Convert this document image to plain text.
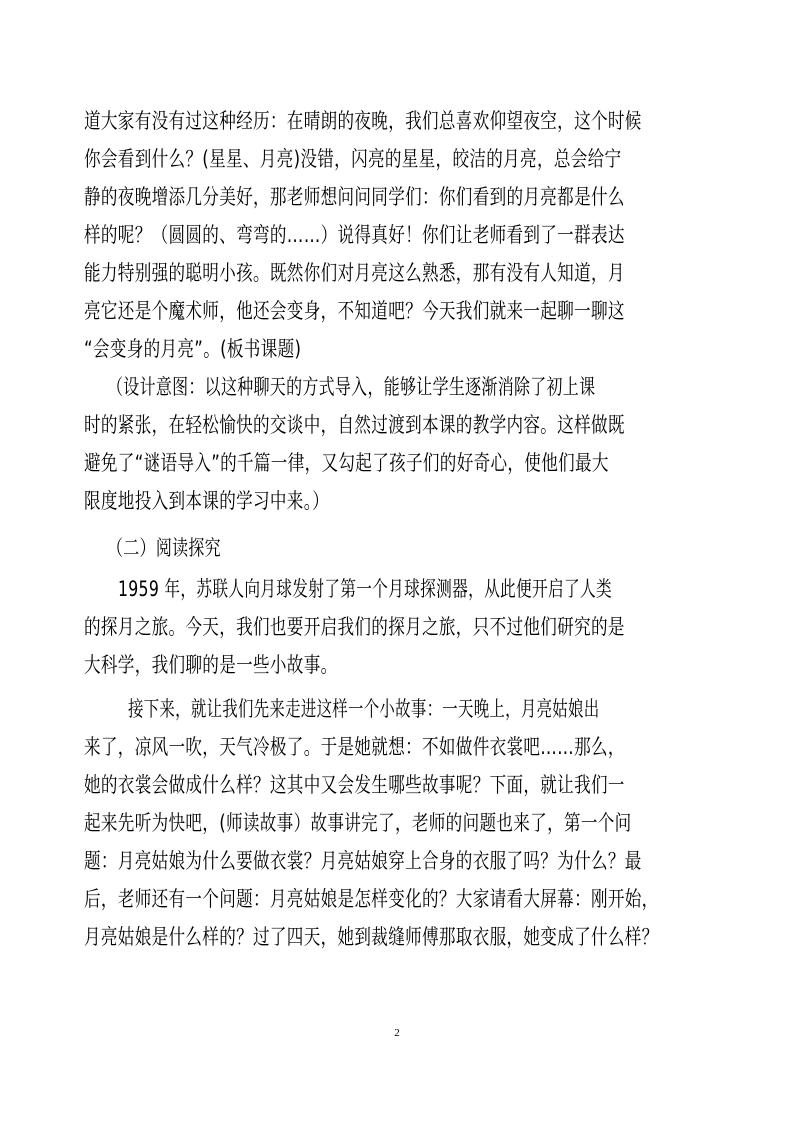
道大家有没有过这种经历：在晴朗的夜晚，我们总喜欢仰望夜空，这个时候
你会看到什么？(星星、月亮)没错，闪亮的星星，皎洁的月亮，总会给宁
静的夜晚增添几分美好，那老师想问问同学们：你们看到的月亮都是什么
样的呢？（圆圆的、弯弯的……）说得真好！你们让老师看到了一群表达
能力特别强的聪明小孩。既然你们对月亮这么熟悉，那有没有人知道，月
亮它还是个魔术师，他还会变身，不知道吧？今天我们就来一起聊一聊这
“会变身的月亮”。(板书课题)
（设计意图：以这种聊天的方式导入，能够让学生逐渐消除了初上课
时的紧张，在轻松愉快的交谈中，自然过渡到本课的教学内容。这样做既
避免了“谜语导入”的千篇一律，又勾起了孩子们的好奇心，使他们最大
限度地投入到本课的学习中来。）
（二）阅读探究
1959 年，苏联人向月球发射了第一个月球探测器，从此便开启了人类
的探月之旅。今天，我们也要开启我们的探月之旅，只不过他们研究的是
大科学，我们聊的是一些小故事。
接下来，就让我们先来走进这样一个小故事：一天晚上，月亮姑娘出
来了，凉风一吹，天气冷极了。于是她就想：不如做件衣裳吧……那么，
她的衣裳会做成什么样？这其中又会发生哪些故事呢？下面，就让我们一
起来先听为快吧，(师读故事）故事讲完了，老师的问题也来了，第一个问
题：月亮姑娘为什么要做衣裳？月亮姑娘穿上合身的衣服了吗？为什么？最
后，老师还有一个问题：月亮姑娘是怎样变化的？大家请看大屏幕：刚开始，
月亮姑娘是什么样的？过了四天，她到裁缝师傅那取衣服，她变成了什么样？
2
